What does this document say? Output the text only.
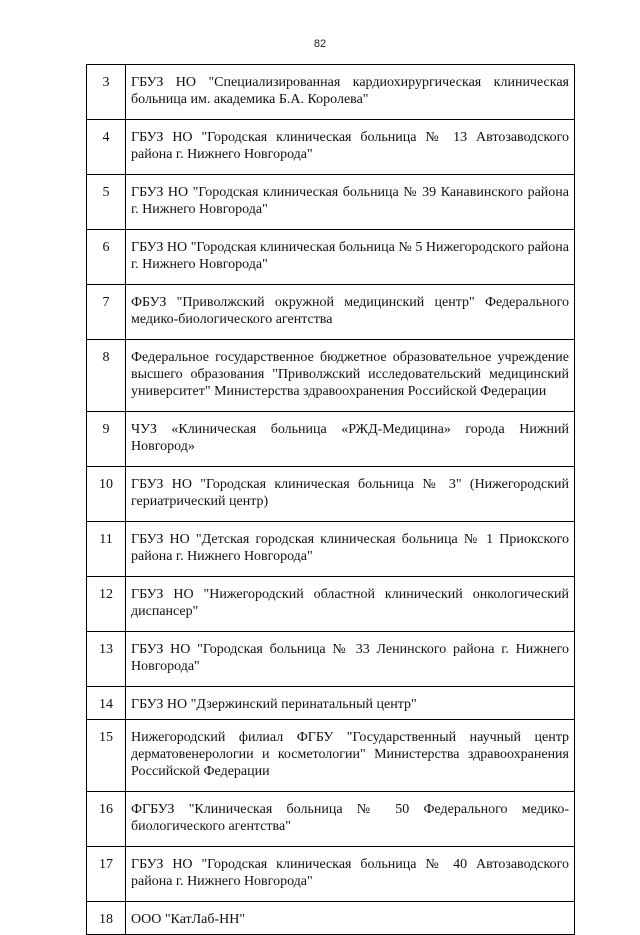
82
3	ГБУЗ НО "Специализированная кардиохирургическая клиническая больница им. академика Б.А. Королева"
4	ГБУЗ НО "Городская клиническая больница № 13 Автозаводского района г. Нижнего Новгорода"
5	ГБУЗ НО "Городская клиническая больница № 39 Канавинского района г. Нижнего Новгорода"
6	ГБУЗ НО "Городская клиническая больница № 5 Нижегородского района г. Нижнего Новгорода"
7	ФБУЗ "Приволжский окружной медицинский центр" Федерального медико-биологического агентства
8	Федеральное государственное бюджетное образовательное учреждение высшего образования "Приволжский исследовательский медицинский университет" Министерства здравоохранения Российской Федерации
9	ЧУЗ «Клиническая больница «РЖД-Медицина» города Нижний Новгород»
10	ГБУЗ НО "Городская клиническая больница № 3" (Нижегородский гериатрический центр)
11	ГБУЗ НО "Детская городская клиническая больница № 1 Приокского района г. Нижнего Новгорода"
12	ГБУЗ НО "Нижегородский областной клинический онкологический диспансер"
13	ГБУЗ НО "Городская больница № 33 Ленинского района г. Нижнего Новгорода"
14	ГБУЗ НО "Дзержинский перинатальный центр"
15	Нижегородский филиал ФГБУ "Государственный научный центр дерматовенерологии и косметологии" Министерства здравоохранения Российской Федерации
16	ФГБУЗ "Клиническая больница № 50 Федерального медико-биологического агентства"
17	ГБУЗ НО "Городская клиническая больница № 40 Автозаводского района г. Нижнего Новгорода"
18	ООО "КатЛаб-НН"
